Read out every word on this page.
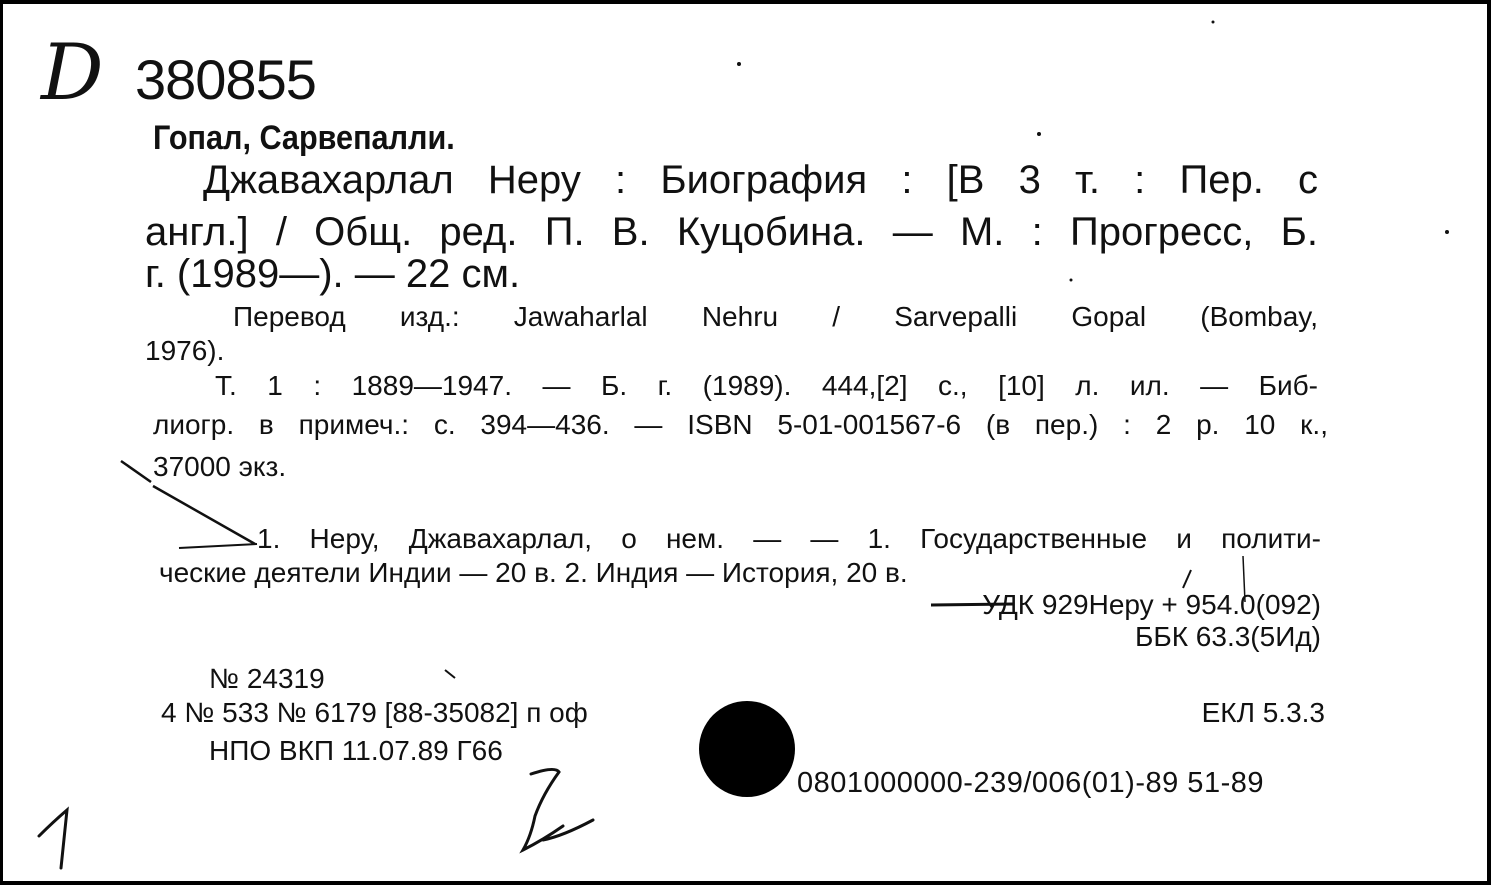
D 380855
Гопал, Сарвепалли.
Джавахарлал Неру : Биография : [В 3 т. : Пер. с
англ.] / Общ. ред. П. В. Куцобина. — М. : Прогресс, Б.
г. (1989—). — 22 см.
Перевод изд.: Jawaharlal Nehru / Sarvepalli Gopal (Bombay,
1976).
Т. 1 : 1889—1947. — Б. г. (1989). 444,[2] с., [10] л. ил. — Биб-
лиогр. в примеч.: с. 394—436. — ISBN 5-01-001567-6 (в пер.) : 2 р. 10 к.,
37000 экз.
1. Неру, Джавахарлал, о нем. — — 1. Государственные и полити-
ческие деятели Индии — 20 в. 2. Индия — История, 20 в.
УДК 929Неру + 954.0(092)
ББК 63.3(5Ид)
№ 24319
4 № 533 № 6179 [88-35082] п оф	ЕКЛ 5.3.3
НПО ВКП 11.07.89 Г66
0801000000-239/006(01)-89 51-89
